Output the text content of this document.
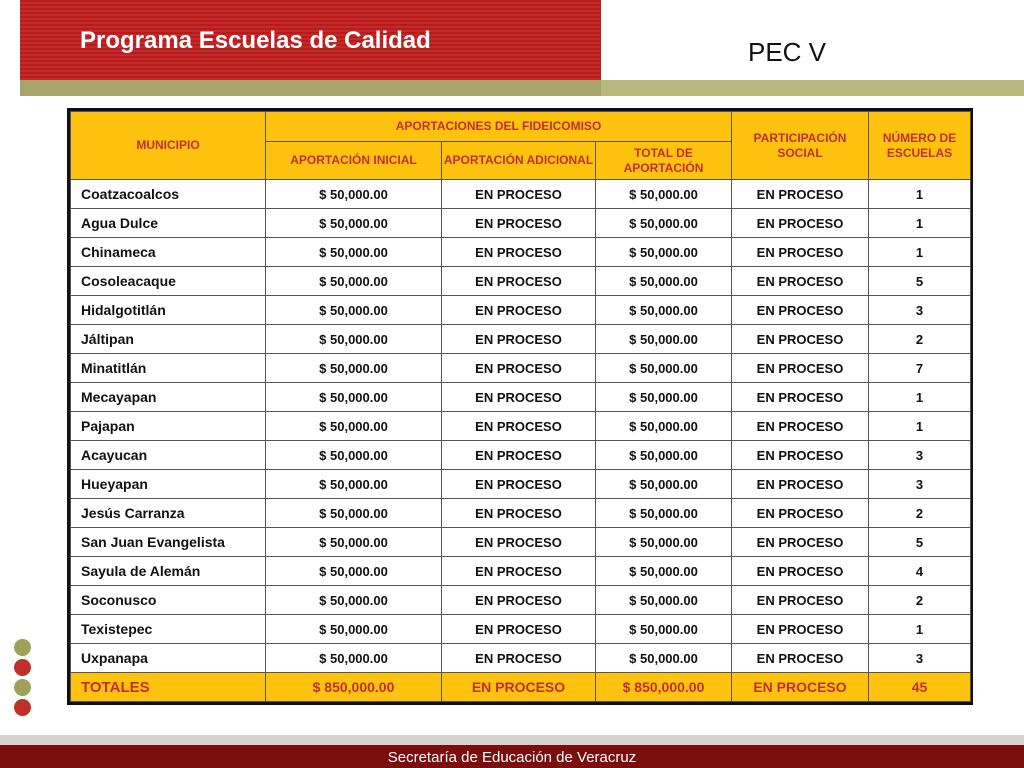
Programa Escuelas de Calidad	PEC V
MUNICIPIO	APORTACIONES DEL FIDEICOMISO			PARTICIPACIÓN SOCIAL	NÚMERO DE ESCUELAS
	APORTACIÓN INICIAL	APORTACIÓN ADICIONAL	TOTAL DE APORTACIÓN		
Coatzacoalcos	$ 50,000.00	EN PROCESO	$ 50,000.00	EN PROCESO	1
Agua Dulce	$ 50,000.00	EN PROCESO	$ 50,000.00	EN PROCESO	1
Chinameca	$ 50,000.00	EN PROCESO	$ 50,000.00	EN PROCESO	1
Cosoleacaque	$ 50,000.00	EN PROCESO	$ 50,000.00	EN PROCESO	5
Hidalgotitlán	$ 50,000.00	EN PROCESO	$ 50,000.00	EN PROCESO	3
Jáltipan	$ 50,000.00	EN PROCESO	$ 50,000.00	EN PROCESO	2
Minatitlán	$ 50,000.00	EN PROCESO	$ 50,000.00	EN PROCESO	7
Mecayapan	$ 50,000.00	EN PROCESO	$ 50,000.00	EN PROCESO	1
Pajapan	$ 50,000.00	EN PROCESO	$ 50,000.00	EN PROCESO	1
Acayucan	$ 50,000.00	EN PROCESO	$ 50,000.00	EN PROCESO	3
Hueyapan	$ 50,000.00	EN PROCESO	$ 50,000.00	EN PROCESO	3
Jesús Carranza	$ 50,000.00	EN PROCESO	$ 50,000.00	EN PROCESO	2
San Juan Evangelista	$ 50,000.00	EN PROCESO	$ 50,000.00	EN PROCESO	5
Sayula de Alemán	$ 50,000.00	EN PROCESO	$ 50,000.00	EN PROCESO	4
Soconusco	$ 50,000.00	EN PROCESO	$ 50,000.00	EN PROCESO	2
Texistepec	$ 50,000.00	EN PROCESO	$ 50,000.00	EN PROCESO	1
Uxpanapa	$ 50,000.00	EN PROCESO	$ 50,000.00	EN PROCESO	3
TOTALES	$ 850,000.00	EN PROCESO	$ 850,000.00	EN PROCESO	45
Secretaría de Educación de Veracruz
